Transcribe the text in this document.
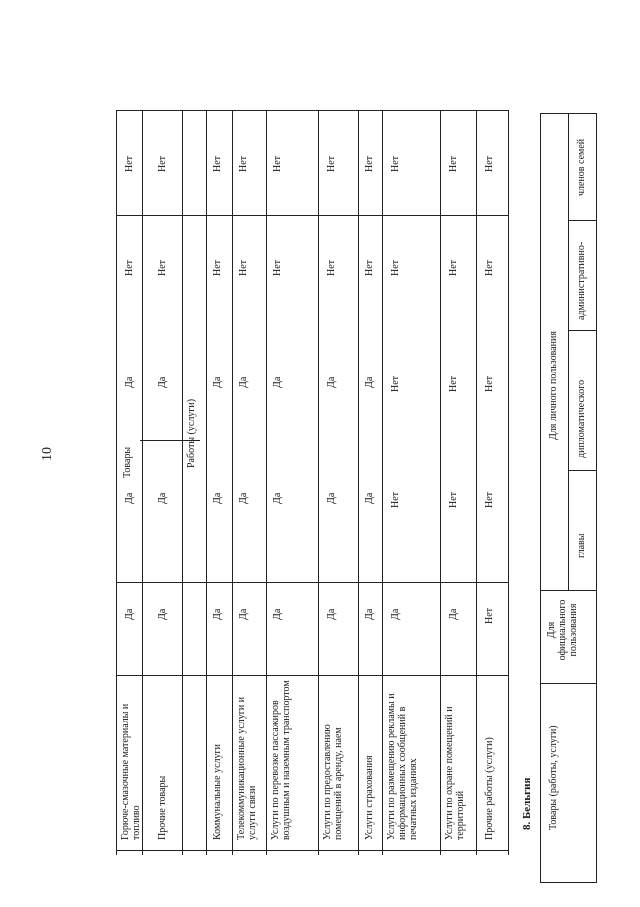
10	Товары	Работы (услуги)
Горюче-смазочные материалы и топливо
Да
Да
Да
Нет
Нет
Прочие товары
Да
Да
Да
Нет
Нет
Коммунальные услуги
Да
Да
Да
Нет
Нет
Телекоммуникационные услуги и услуги связи
Да
Да
Да
Нет
Нет
Услуги по перевозке пассажиров воздушным и наземным транспортом
Да
Да
Да
Нет
Нет
Услуги по предоставлению помещений в аренду, наем
Да
Да
Да
Нет
Нет
Услуги страхования
Да
Да
Да
Нет
Нет
Услуги по размещению рекламы и информационных сообщений в печатных изданиях
Да
Нет
Нет
Нет
Нет
Услуги по охране помещений и территорий
Да
Нет
Нет
Нет
Нет
Прочие работы (услуги)
Нет
Нет
Нет
Нет
Нет
8. Бельгия Товары (работы, услуги)
Для официального пользования
Для личного пользования
главы
дипломатического
административно-
членов семей
